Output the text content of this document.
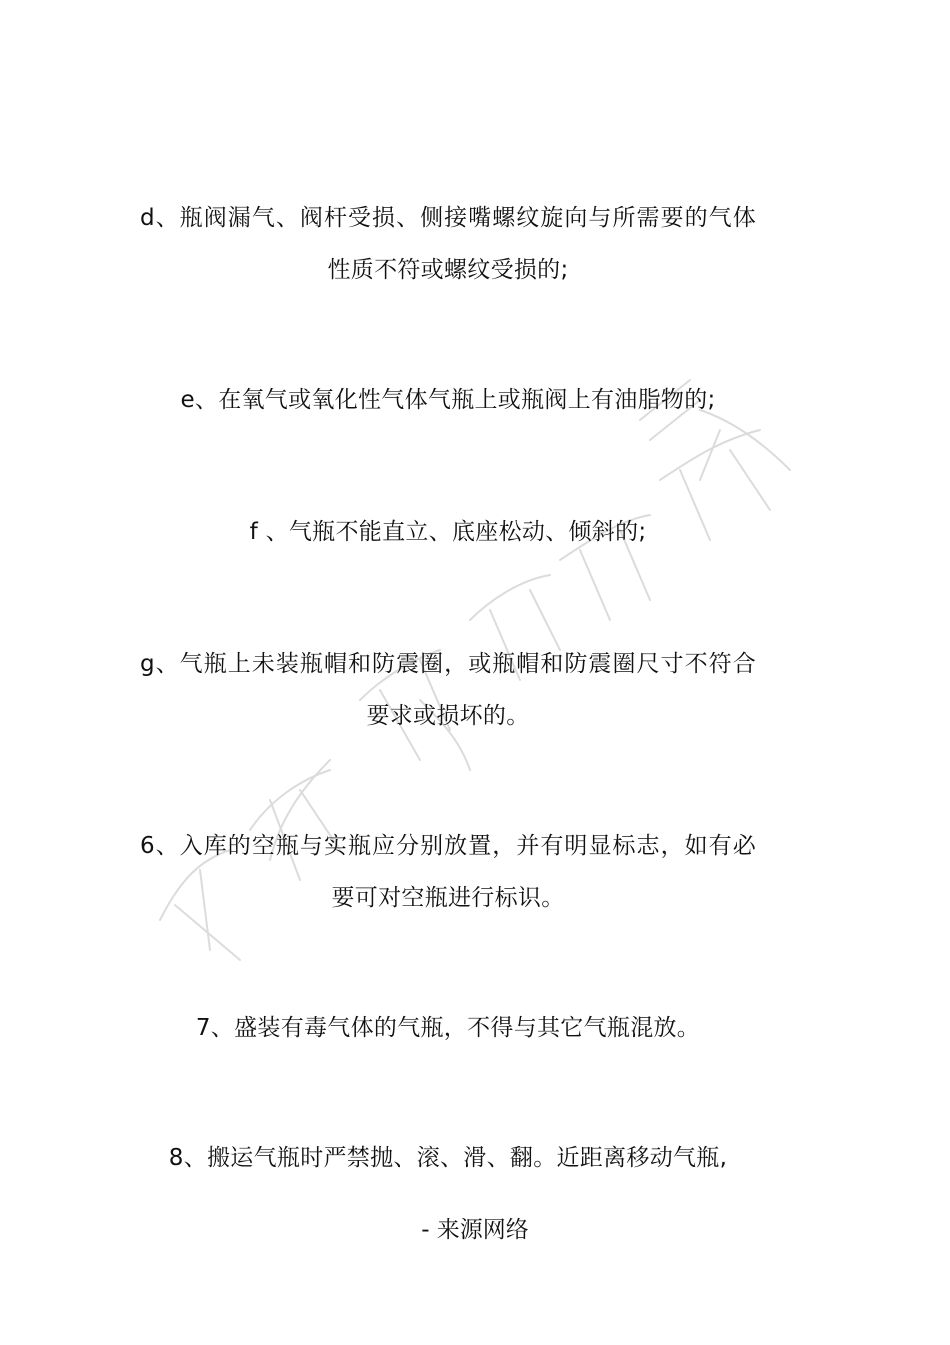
d、瓶阀漏气、阀杆受损、侧接嘴螺纹旋向与所需要的气体性质不符或螺纹受损的;
e、在氧气或氧化性气体气瓶上或瓶阀上有油脂物的;
f 、气瓶不能直立、底座松动、倾斜的;
g、气瓶上未装瓶帽和防震圈，或瓶帽和防震圈尺寸不符合要求或损坏的。
6、入库的空瓶与实瓶应分别放置，并有明显标志，如有必要可对空瓶进行标识。
7、盛装有毒气体的气瓶，不得与其它气瓶混放。
8、搬运气瓶时严禁抛、滚、滑、翻。近距离移动气瓶,
- 来源网络
